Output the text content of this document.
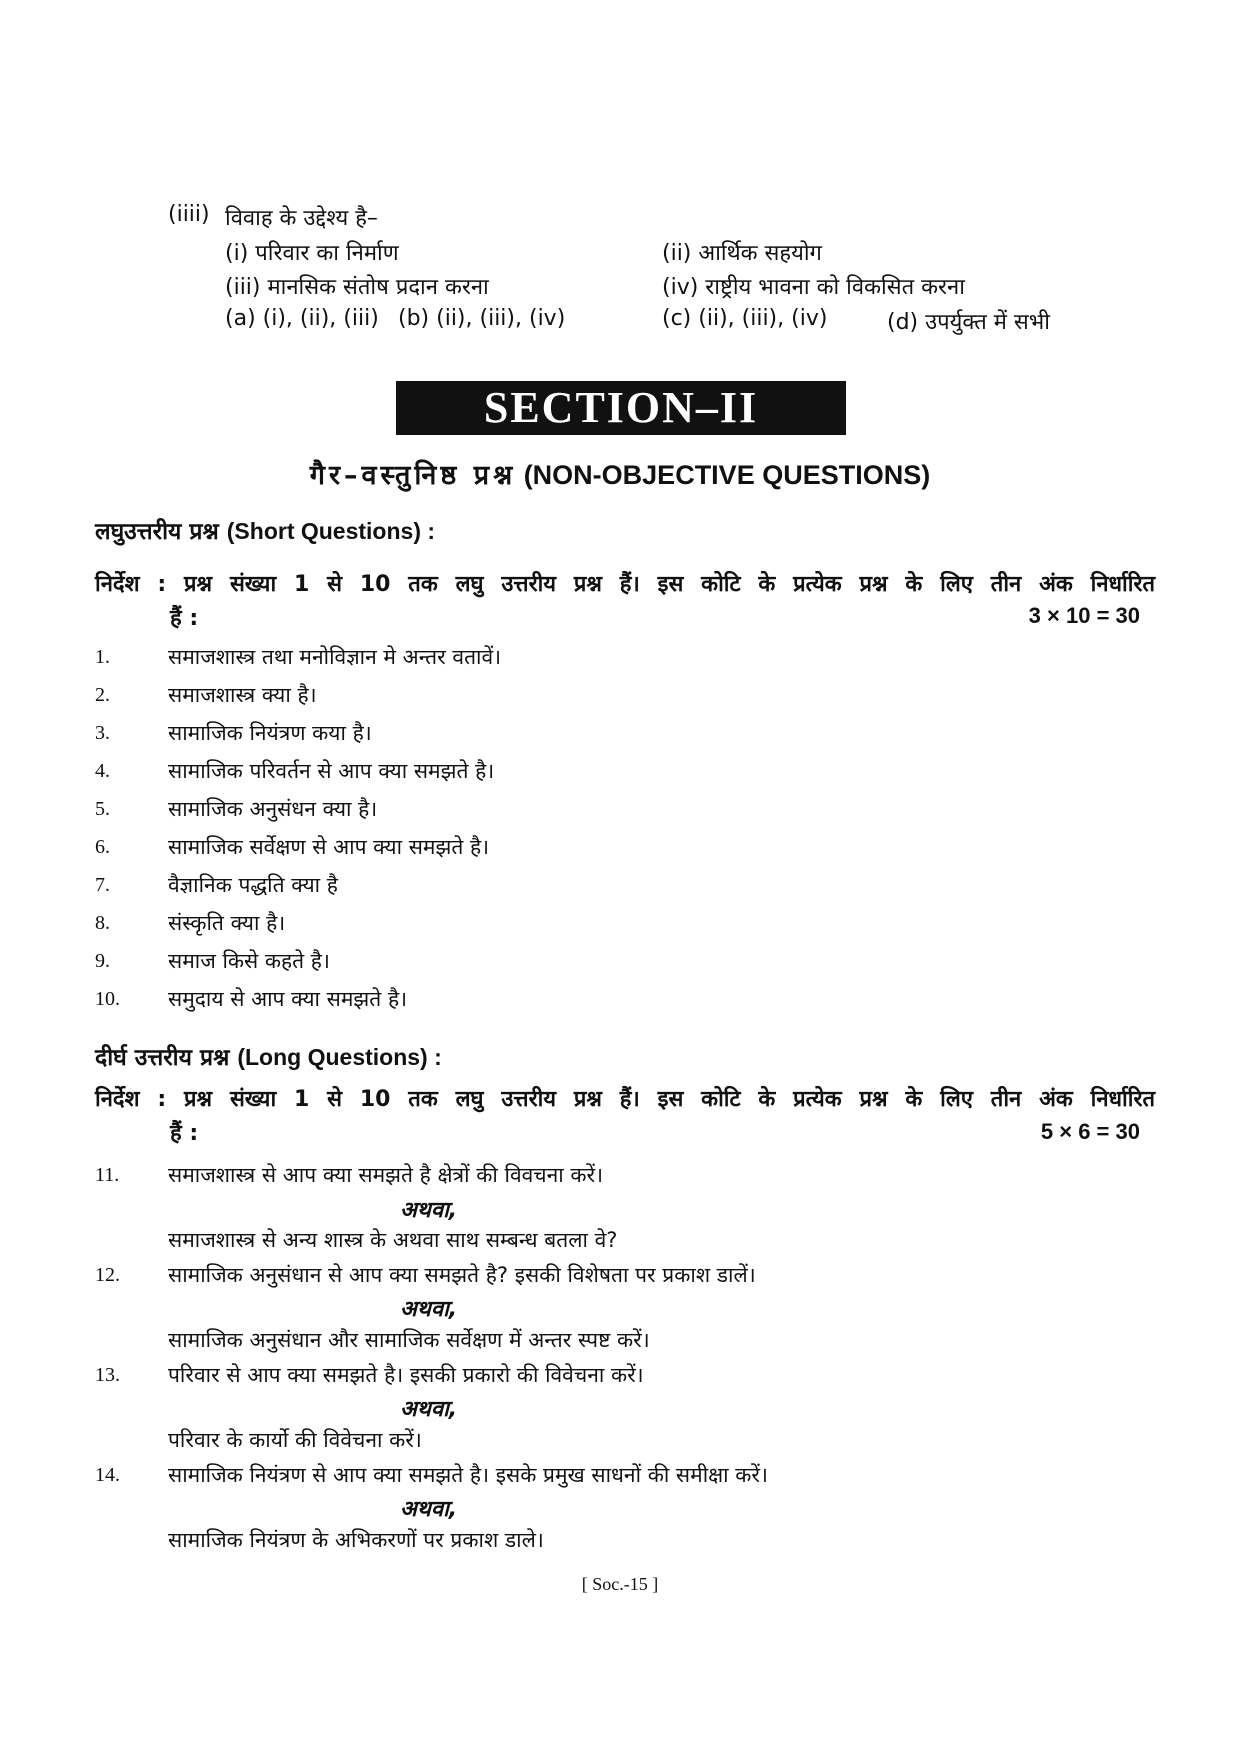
(iiii) विवाह के उद्देश्य है–
(i) परिवार का निर्माण	(ii) आर्थिक सहयोग
(iii) मानसिक संतोष प्रदान करना	(iv) राष्ट्रीय भावना को विकसित करना
(a) (i), (ii), (iii) (b) (ii), (iii), (iv)	(c) (ii), (iii), (iv)	(d) उपर्युक्त में सभी
SECTION–II
गैर–वस्तुनिष्ठ प्रश्न (NON-OBJECTIVE QUESTIONS)
लघुउत्तरीय प्रश्न (Short Questions) :
निर्देश : प्रश्न संख्या 1 से 10 तक लघु उत्तरीय प्रश्न हैं। इस कोटि के प्रत्येक प्रश्न के लिए तीन अंक निर्धारित
हैं :	3 × 10 = 30
1.	समाजशास्त्र तथा मनोविज्ञान मे अन्तर वतावें।
2.	समाजशास्त्र क्या है।
3.	सामाजिक नियंत्रण कया है।
4.	सामाजिक परिवर्तन से आप क्या समझते है।
5.	सामाजिक अनुसंधन क्या है।
6.	सामाजिक सर्वेक्षण से आप क्या समझते है।
7.	वैज्ञानिक पद्धति क्या है
8.	संस्कृति क्या है।
9.	समाज किसे कहते है।
10. समुदाय से आप क्या समझते है।
दीर्घ उत्तरीय प्रश्न (Long Questions) :
निर्देश : प्रश्न संख्या 1 से 10 तक लघु उत्तरीय प्रश्न हैं। इस कोटि के प्रत्येक प्रश्न के लिए तीन अंक निर्धारित
हैं :	5 × 6 = 30
11. समाजशास्त्र से आप क्या समझते है क्षेत्रों की विवचना करें।
अथवा,
समाजशास्त्र से अन्य शास्त्र के अथवा साथ सम्बन्ध बतला वे?
12. सामाजिक अनुसंधान से आप क्या समझते है? इसकी विशेषता पर प्रकाश डालें।
अथवा,
सामाजिक अनुसंधान और सामाजिक सर्वेक्षण में अन्तर स्पष्ट करें।
13. परिवार से आप क्या समझते है। इसकी प्रकारो की विवेचना करें।
अथवा,
परिवार के कार्यो की विवेचना करें।
14. सामाजिक नियंत्रण से आप क्या समझते है। इसके प्रमुख साधनों की समीक्षा करें।
अथवा,
सामाजिक नियंत्रण के अभिकरणों पर प्रकाश डाले।
[ Soc.-15 ]
